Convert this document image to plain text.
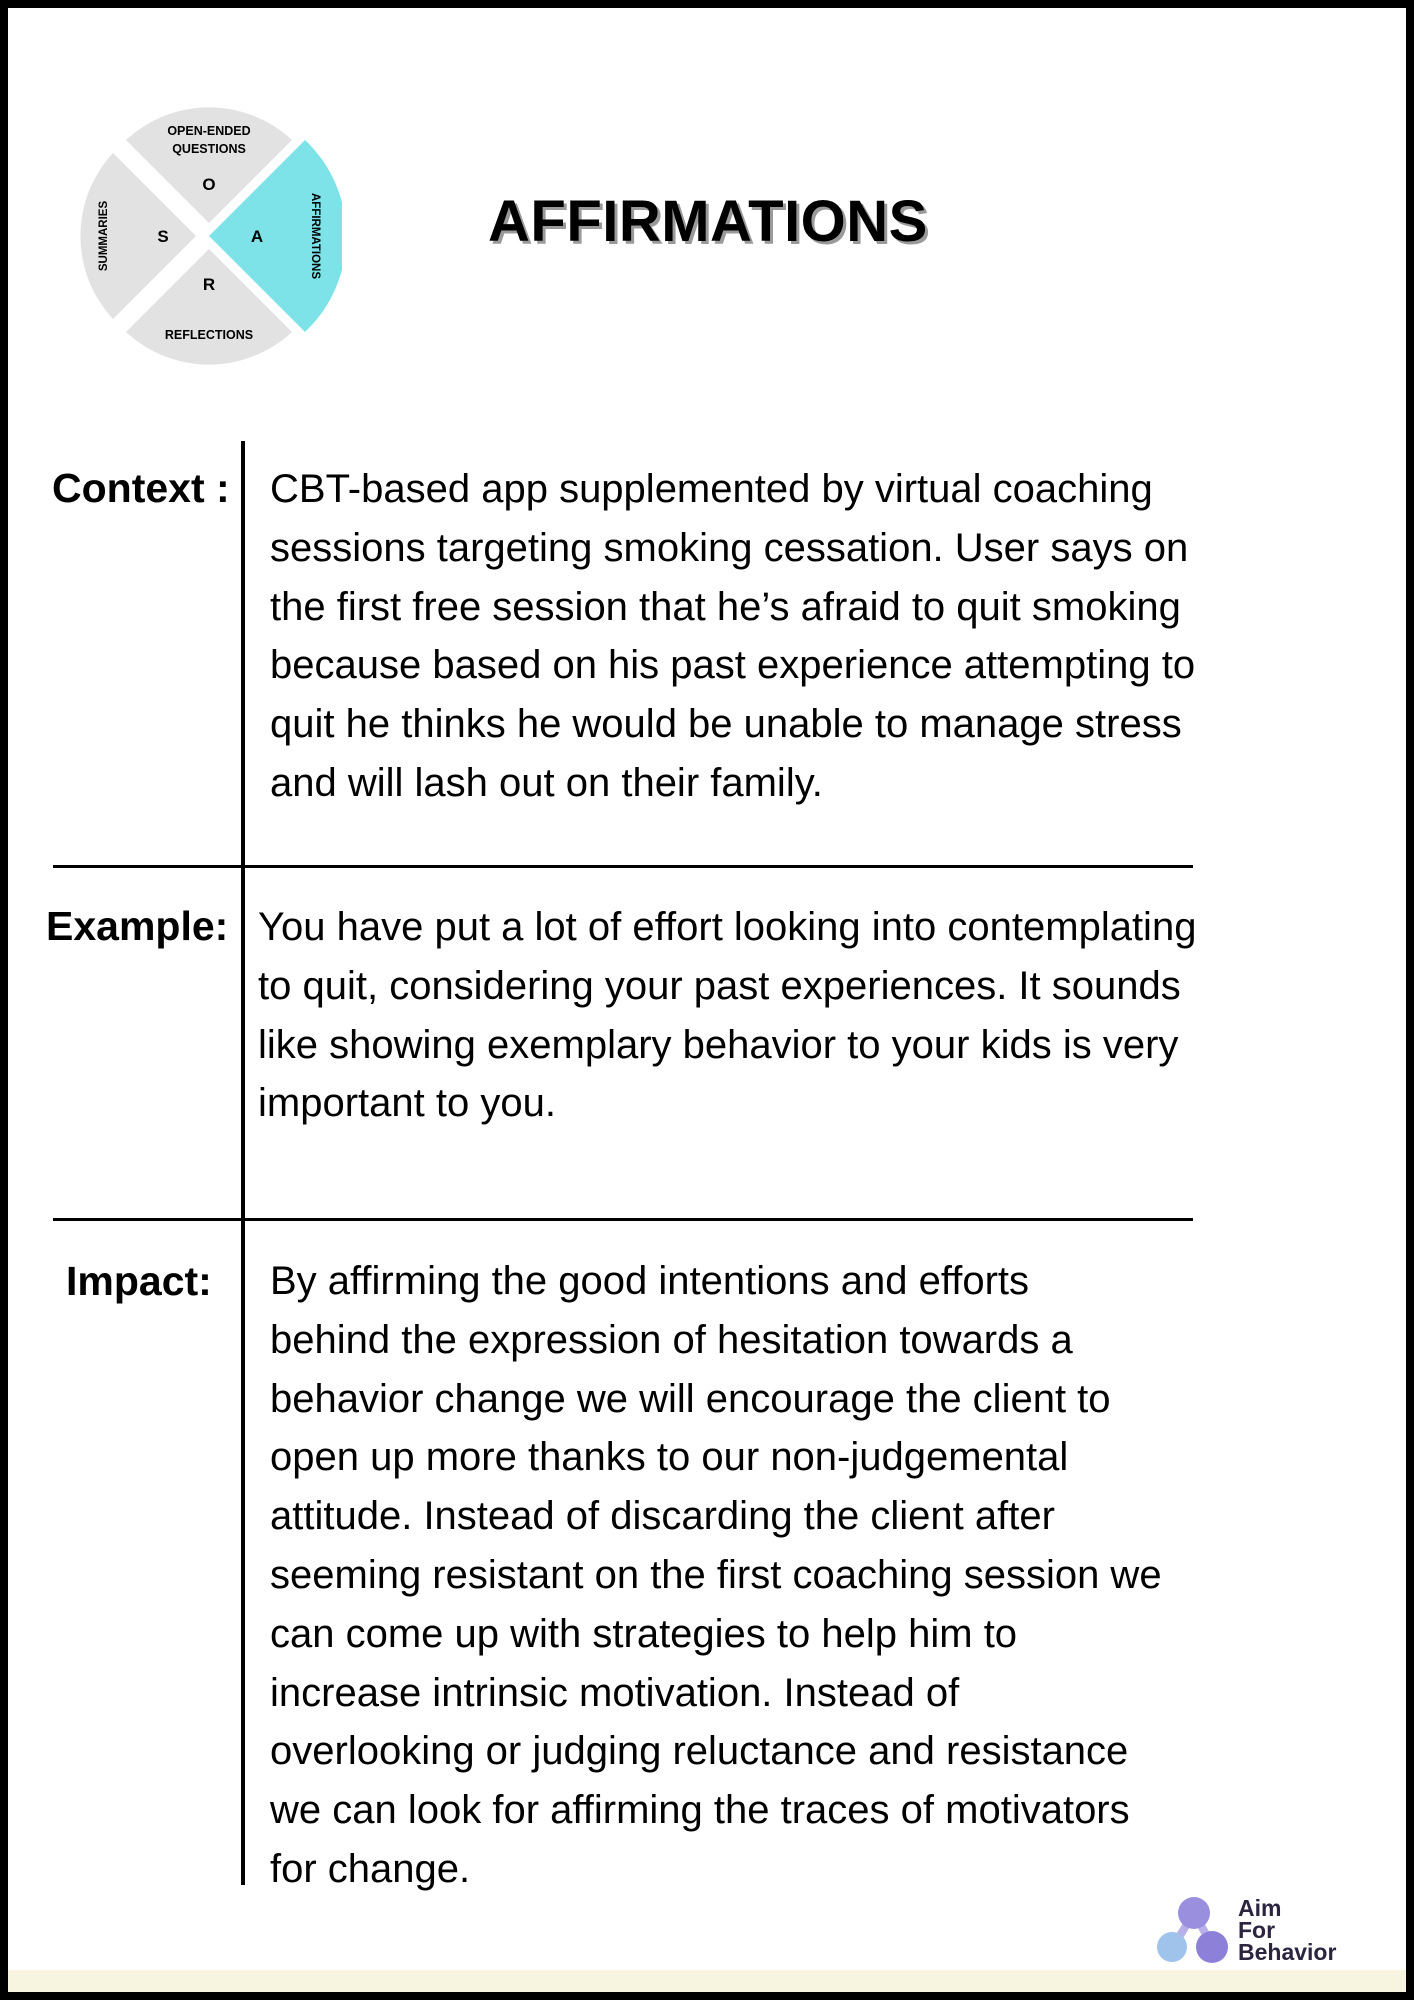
OPEN-ENDED
QUESTIONS
O
A	AFFIRMATIONS
R
REFLECTIONS
S
SUMMARIES	AFFIRMATIONS
Context : CBT-based app supplemented by virtual coaching
sessions targeting smoking cessation. User says on
the first free session that he’s afraid to quit smoking
because based on his past experience attempting to
quit he thinks he would be unable to manage stress
and will lash out on their family.
Example: You have put a lot of effort looking into contemplating
to quit, considering your past experiences. It sounds
like showing exemplary behavior to your kids is very
important to you.
Impact: By affirming the good intentions and efforts
behind the expression of hesitation towards a
behavior change we will encourage the client to
open up more thanks to our non-judgemental
attitude. Instead of discarding the client after
seeming resistant on the first coaching session we
can come up with strategies to help him to
increase intrinsic motivation. Instead of
overlooking or judging reluctance and resistance
we can look for affirming the traces of motivators
for change.
Aim
For
Behavior
